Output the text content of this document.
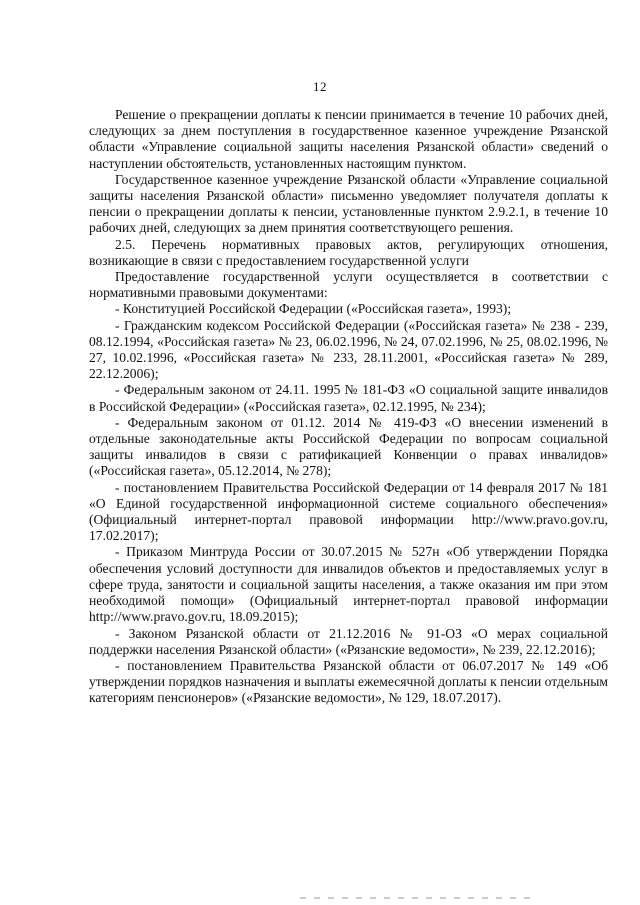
12

Решение о прекращении доплаты к пенсии принимается в течение 10 рабочих дней, следующих за днем поступления в государственное казенное учреждение Рязанской области «Управление социальной защиты населения Рязанской области» сведений о наступлении обстоятельств, установленных настоящим пунктом.

Государственное казенное учреждение Рязанской области «Управление социальной защиты населения Рязанской области» письменно уведомляет получателя доплаты к пенсии о прекращении доплаты к пенсии, установленные пунктом 2.9.2.1, в течение 10 рабочих дней, следующих за днем принятия соответствующего решения.

2.5. Перечень нормативных правовых актов, регулирующих отношения, возникающие в связи с предоставлением государственной услуги

Предоставление государственной услуги осуществляется в соответствии с нормативными правовыми документами:

- Конституцией Российской Федерации («Российская газета», 1993);

- Гражданским кодексом Российской Федерации («Российская газета» № 238 - 239, 08.12.1994, «Российская газета» № 23, 06.02.1996, № 24, 07.02.1996, № 25, 08.02.1996, № 27, 10.02.1996, «Российская газета» № 233, 28.11.2001, «Российская газета» № 289, 22.12.2006);

- Федеральным законом от 24.11. 1995 № 181-ФЗ «О социальной защите инвалидов в Российской Федерации» («Российская газета», 02.12.1995, № 234);

- Федеральным законом от 01.12. 2014 № 419-ФЗ «О внесении изменений в отдельные законодательные акты Российской Федерации по вопросам социальной защиты инвалидов в связи с ратификацией Конвенции о правах инвалидов» («Российская газета», 05.12.2014, № 278);

- постановлением Правительства Российской Федерации от 14 февраля 2017 № 181 «О Единой государственной информационной системе социального обеспечения» (Официальный интернет-портал правовой информации http://www.pravo.gov.ru, 17.02.2017);

- Приказом Минтруда России от 30.07.2015 № 527н «Об утверждении Порядка обеспечения условий доступности для инвалидов объектов и предоставляемых услуг в сфере труда, занятости и социальной защиты населения, а также оказания им при этом необходимой помощи» (Официальный интернет-портал правовой информации http://www.pravo.gov.ru, 18.09.2015);

- Законом Рязанской области от 21.12.2016 № 91-ОЗ «О мерах социальной поддержки населения Рязанской области» («Рязанские ведомости», № 239, 22.12.2016);

- постановлением Правительства Рязанской области от 06.07.2017 № 149 «Об утверждении порядков назначения и выплаты ежемесячной доплаты к пенсии отдельным категориям пенсионеров» («Рязанские ведомости», № 129, 18.07.2017).
